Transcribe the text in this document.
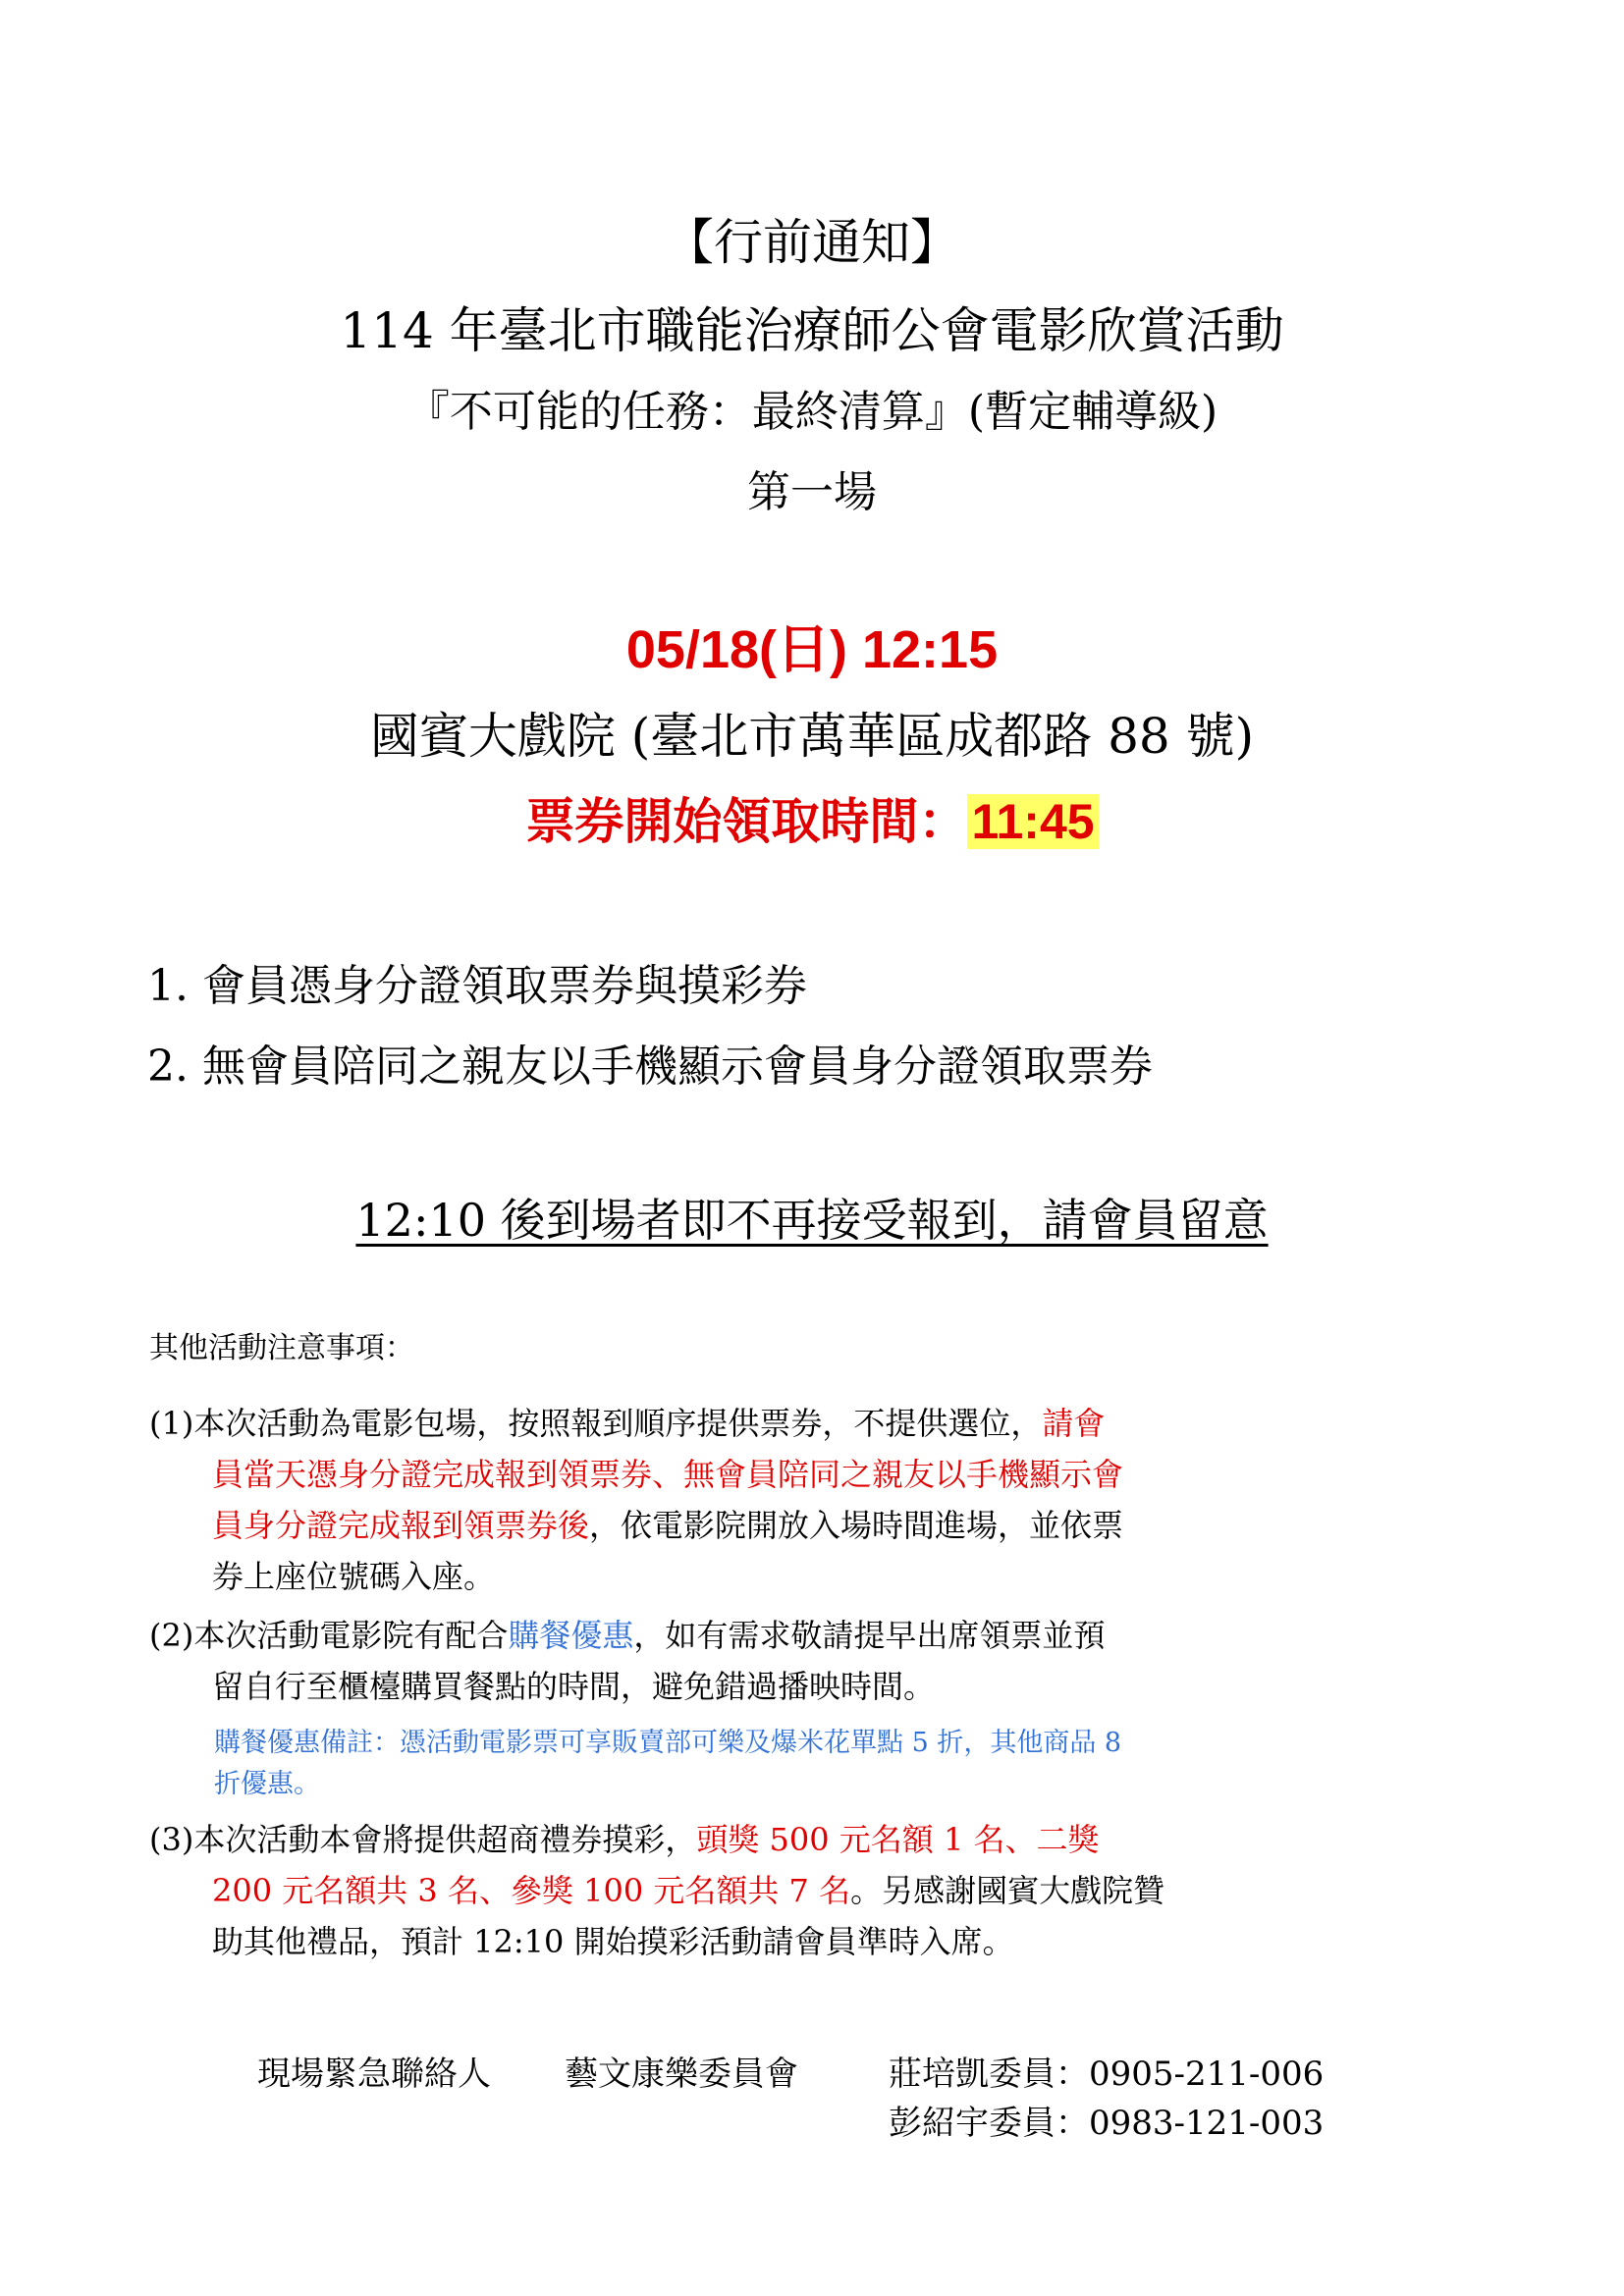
【行前通知】
114 年臺北市職能治療師公會電影欣賞活動
『不可能的任務：最終清算』(暫定輔導級)
第一場
05/18(日) 12:15
國賓大戲院 (臺北市萬華區成都路 88 號)
票券開始領取時間：11:45
1. 會員憑身分證領取票券與摸彩券
2. 無會員陪同之親友以手機顯示會員身分證領取票券
12:10 後到場者即不再接受報到，請會員留意
其他活動注意事項：
(1)本次活動為電影包場，按照報到順序提供票券，不提供選位，請會
員當天憑身分證完成報到領票券、無會員陪同之親友以手機顯示會
員身分證完成報到領票券後，依電影院開放入場時間進場，並依票
券上座位號碼入座。
(2)本次活動電影院有配合購餐優惠，如有需求敬請提早出席領票並預
留自行至櫃檯購買餐點的時間，避免錯過播映時間。
購餐優惠備註：憑活動電影票可享販賣部可樂及爆米花單點 5 折，其他商品 8
折優惠。
(3)本次活動本會將提供超商禮券摸彩，頭獎 500 元名額 1 名、二獎
200 元名額共 3 名、參獎 100 元名額共 7 名。另感謝國賓大戲院贊
助其他禮品，預計 12:10 開始摸彩活動請會員準時入席。
現場緊急聯絡人 藝文康樂委員會	莊培凱委員：0905-211-006
彭紹宇委員：0983-121-003
